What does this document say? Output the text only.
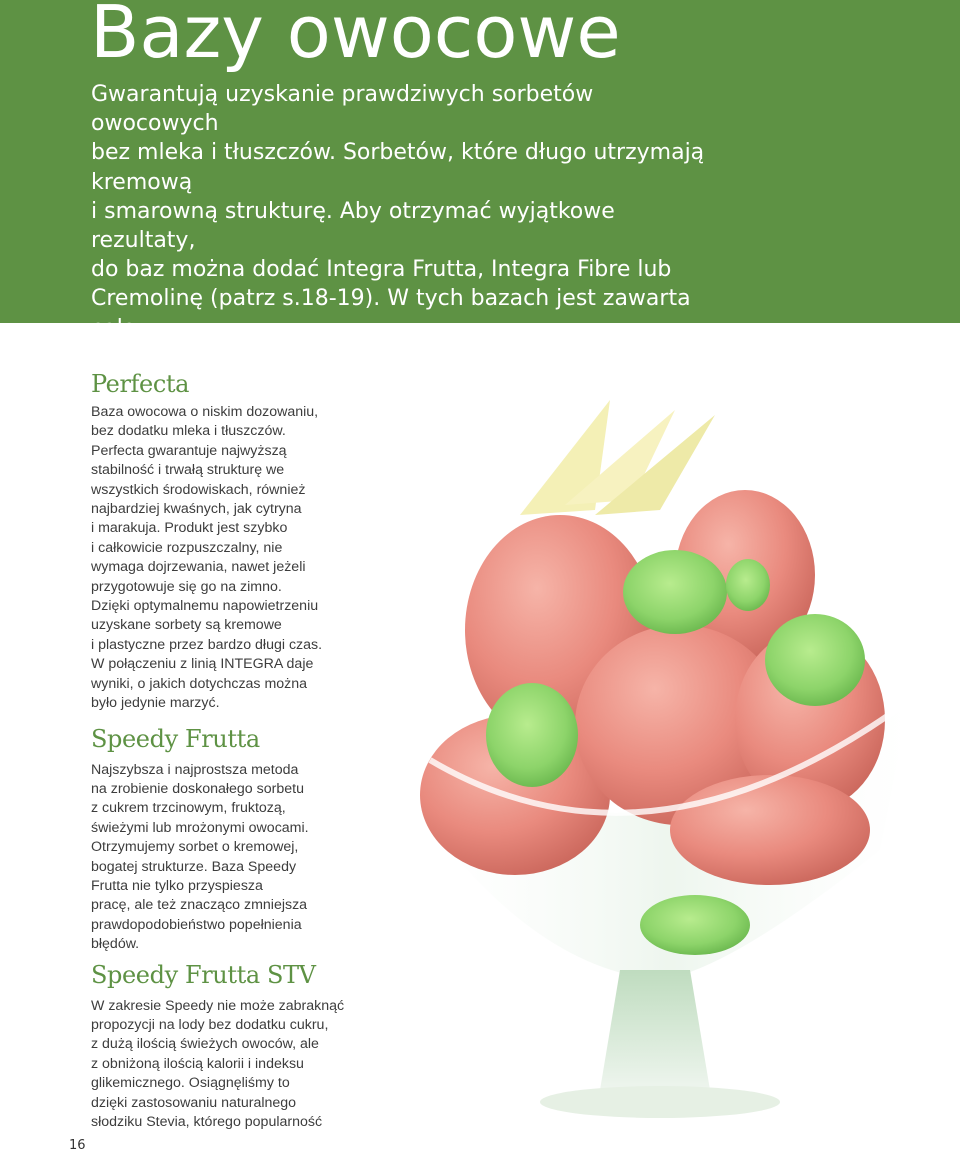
Bazy owocowe

Gwarantują uzyskanie prawdziwych sorbetów owocowych

bez mleka i tłuszczów. Sorbetów, które długo utrzymają kremową

i smarowną strukturę. Aby otrzymać wyjątkowe rezultaty,

do baz można dodać Integra Frutta, Integra Fibre lub

Cremolinę (patrz s.18-19). W tych bazach jest zawarta cała

wiedza i doświadczenie firmy Comprital.

Perfecta

Baza owocowa o niskim dozowaniu,
bez dodatku mleka i tłuszczów.
Perfecta gwarantuje najwyższą
stabilność i trwałą strukturę we
wszystkich środowiskach, również
najbardziej kwaśnych, jak cytryna
i marakuja. Produkt jest szybko
i całkowicie rozpuszczalny, nie
wymaga dojrzewania, nawet jeżeli
przygotowuje się go na zimno.
Dzięki optymalnemu napowietrzeniu
uzyskane sorbety są kremowe
i plastyczne przez bardzo długi czas.
W połączeniu z linią INTEGRA daje
wyniki, o jakich dotychczas można
było jedynie marzyć.

Speedy Frutta

Najszybsza i najprostsza metoda
na zrobienie doskonałego sorbetu
z cukrem trzcinowym, fruktozą,
świeżymi lub mrożonymi owocami.
Otrzymujemy sorbet o kremowej,
bogatej strukturze. Baza Speedy
Frutta nie tylko przyspiesza
pracę, ale też znacząco zmniejsza
prawdopodobieństwo popełnienia
błędów.

Speedy Frutta STV

W zakresie Speedy nie może zabraknąć
propozycji na lody bez dodatku cukru,
z dużą ilością świeżych owoców, ale
z obniżoną ilością kalorii i indeksu
glikemicznego. Osiągnęliśmy to
dzięki zastosowaniu naturalnego
słodziku Stevia, którego popularność

16
